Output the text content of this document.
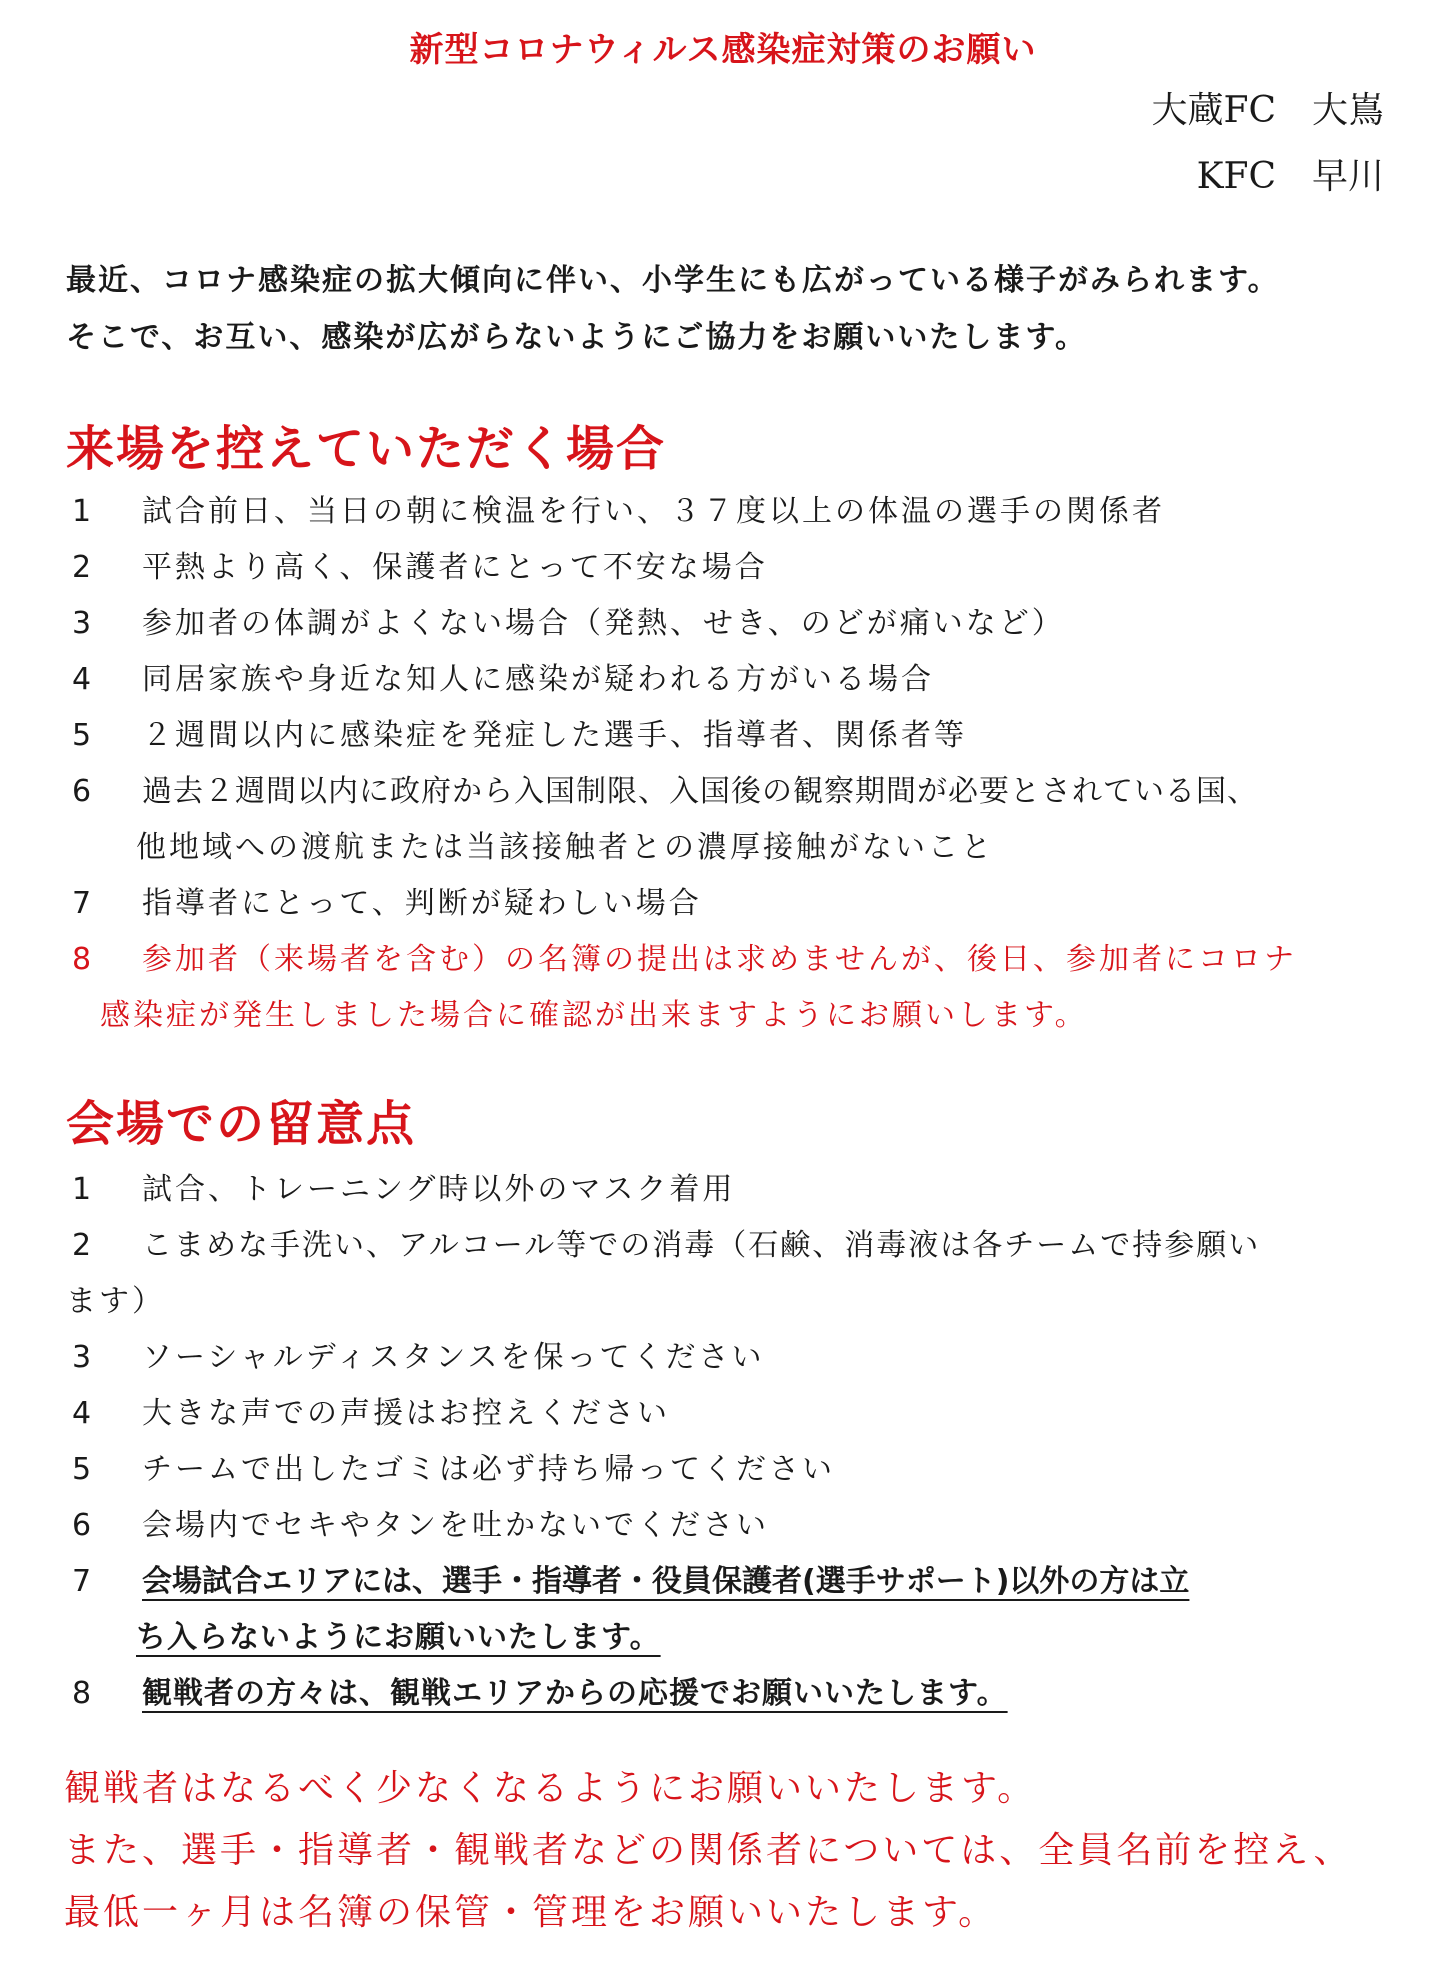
新型コロナウィルス感染症対策のお願い
大蔵FC　大嶌
KFC　早川
最近、コロナ感染症の拡大傾向に伴い、小学生にも広がっている様子がみられます。
そこで、お互い、感染が広がらないようにご協力をお願いいたします。
来場を控えていただく場合
1 試合前日、当日の朝に検温を行い、３７度以上の体温の選手の関係者
2 平熱より高く、保護者にとって不安な場合
3 参加者の体調がよくない場合（発熱、せき、のどが痛いなど）
4 同居家族や身近な知人に感染が疑われる方がいる場合
5 ２週間以内に感染症を発症した選手、指導者、関係者等
6 過去２週間以内に政府から入国制限、入国後の観察期間が必要とされている国、
他地域への渡航または当該接触者との濃厚接触がないこと
7 指導者にとって、判断が疑わしい場合
8 参加者（来場者を含む）の名簿の提出は求めませんが、後日、参加者にコロナ
感染症が発生しました場合に確認が出来ますようにお願いします。
会場での留意点
1 試合、トレーニング時以外のマスク着用
2 こまめな手洗い、アルコール等での消毒（石鹸、消毒液は各チームで持参願い
ます）
3 ソーシャルディスタンスを保ってください
4 大きな声での声援はお控えください
5 チームで出したゴミは必ず持ち帰ってください
6 会場内でセキやタンを吐かないでください
7 会場試合エリアには、選手・指導者・役員保護者(選手サポート)以外の方は立
ち入らないようにお願いいたします。
8 観戦者の方々は、観戦エリアからの応援でお願いいたします。
観戦者はなるべく少なくなるようにお願いいたします。
また、選手・指導者・観戦者などの関係者については、全員名前を控え、
最低一ヶ月は名簿の保管・管理をお願いいたします。
